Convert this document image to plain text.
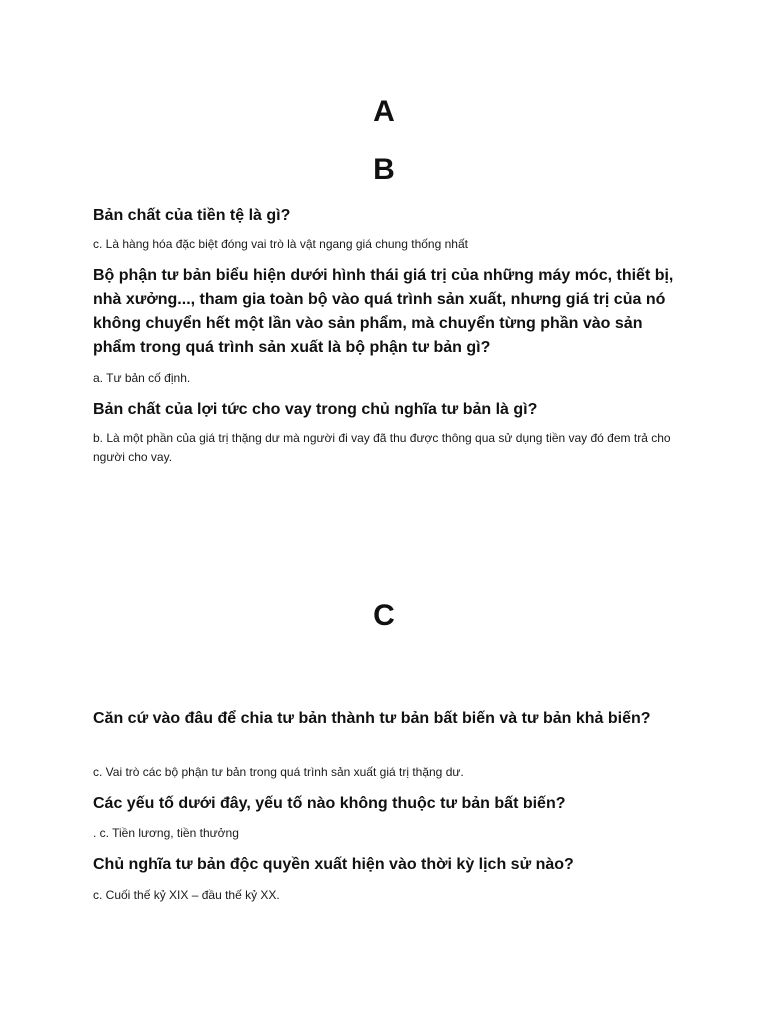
A
B

Bản chất của tiền tệ là gì?

c. Là hàng hóa đặc biệt đóng vai trò là vật ngang giá chung thống nhất

Bộ phận tư bản biểu hiện dưới hình thái giá trị của những máy móc, thiết bị, nhà xưởng..., tham gia toàn bộ vào quá trình sản xuất, nhưng giá trị của nó không chuyển hết một lần vào sản phẩm, mà chuyển từng phần vào sản phẩm trong quá trình sản xuất là bộ phận tư bản gì?

a. Tư bản cố định.

Bản chất của lợi tức cho vay trong chủ nghĩa tư bản là gì?

b. Là một phần của giá trị thặng dư mà người đi vay đã thu được thông qua sử dụng tiền vay đó đem trả cho người cho vay.

C

Căn cứ vào đâu để chia tư bản thành tư bản bất biến và tư bản khả biến?

c. Vai trò các bộ phận tư bản trong quá trình sản xuất giá trị thặng dư.

Các yếu tố dưới đây, yếu tố nào không thuộc tư bản bất biến?

. c. Tiền lương, tiền thưởng

Chủ nghĩa tư bản độc quyền xuất hiện vào thời kỳ lịch sử nào?

c. Cuối thế kỷ XIX – đầu thế kỷ XX.
